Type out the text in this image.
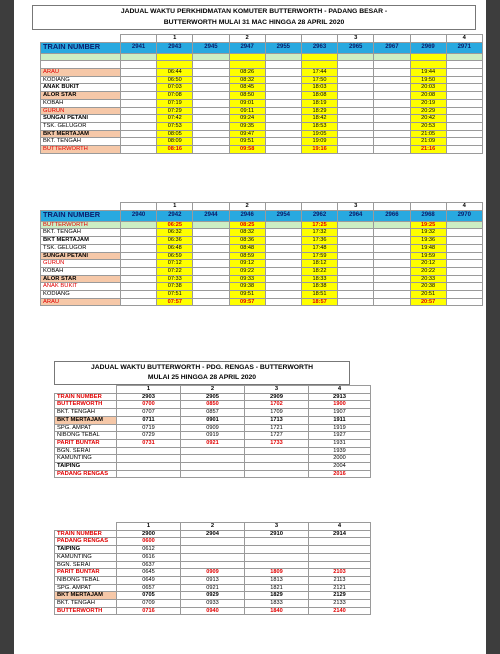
JADUAL WAKTU PERKHIDMATAN KOMUTER BUTTERWORTH - PADANG BESAR -
BUTTERWORTH MULAI 31 MAC HINGGA 28 APRIL 2020
		1		2			3			4
TRAIN NUMBER	2941	2943	2945	2947	2955	2963	2965	2967	2969	2971

ARAU		06:44		08:26		17:44			19:44	
KODIANG		06:50		08:32		17:50			19:50	
ANAK BUKIT		07:03		08:45		18:03			20:03	
ALOR STAR		07:08		08:50		18:08			20:08	
KOBAH		07:19		09:01		18:19			20:19	
GURUN		07:29		09:11		18:29			20:29	
SUNGAI PETANI		07:42		09:24		18:42			20:42	
TSK. GELUGOR		07:53		09:35		18:53			20:53	
BKT MERTAJAM		08:05		09:47		19:05			21:05	
BKT. TENGAH		08:09		09:51		19:09			21:09	
BUTTERWORTH		08:16		09:58		19:16			21:16	
		1		2			3			4
TRAIN NUMBER	2940	2942	2944	2946	2954	2962	2964	2966	2968	2970
BUTTERWORTH		06:25		08:25		17:25			19:25	
BKT. TENGAH		06:32		08:32		17:32			19:32	
BKT MERTAJAM		06:36		08:36		17:36			19:36	
TSK. GELUGOR		06:48		08:48		17:48			19:48	
SUNGAI PETANI		06:59		08:59		17:59			19:59	
GURUN		07:12		09:12		18:12			20:12	
KOBAH		07:22		09:22		18:22			20:22	
ALOR STAR		07:33		09:33		18:33			20:33	
ANAK BUKIT		07:38		09:38		18:38			20:38	
KODIANG		07:51		09:51		18:51			20:51	
ARAU		07:57		09:57		18:57			20:57	
JADUAL WAKTU BUTTERWORTH - PDG. RENGAS - BUTTERWORTH
MULAI 25 HINGGA 28 APRIL 2020
	1	2	3	4
TRAIN NUMBER	2903	2905	2909	2913
BUTTERWORTH	0700	0850	1702	1900
BKT. TENGAH	0707	0857	1709	1907
BKT MERTAJAM	0711	0901	1713	1911
SPG. AMPAT	0719	0909	1721	1919
NIBONG TEBAL	0729	0919	1727	1927
PARIT BUNTAR	0731	0921	1733	1931
BGN. SERAI				1939
KAMUNTING				2000
TAIPING				2004
PADANG RENGAS				2016
	1	2	3	4
TRAIN NUMBER	2900	2904	2910	2914
PADANG RENGAS	0600			
TAIPING	0612			
KAMUNTING	0616			
BGN. SERAI	0637			
PARIT BUNTAR	0645	0909	1809	2103
NIBONG TEBAL	0649	0913	1813	2113
SPG. AMPAT	0657	0921	1821	2121
BKT MERTAJAM	0705	0929	1829	2129
BKT. TENGAH	0709	0933	1833	2133
BUTTERWORTH	0716	0940	1840	2140
